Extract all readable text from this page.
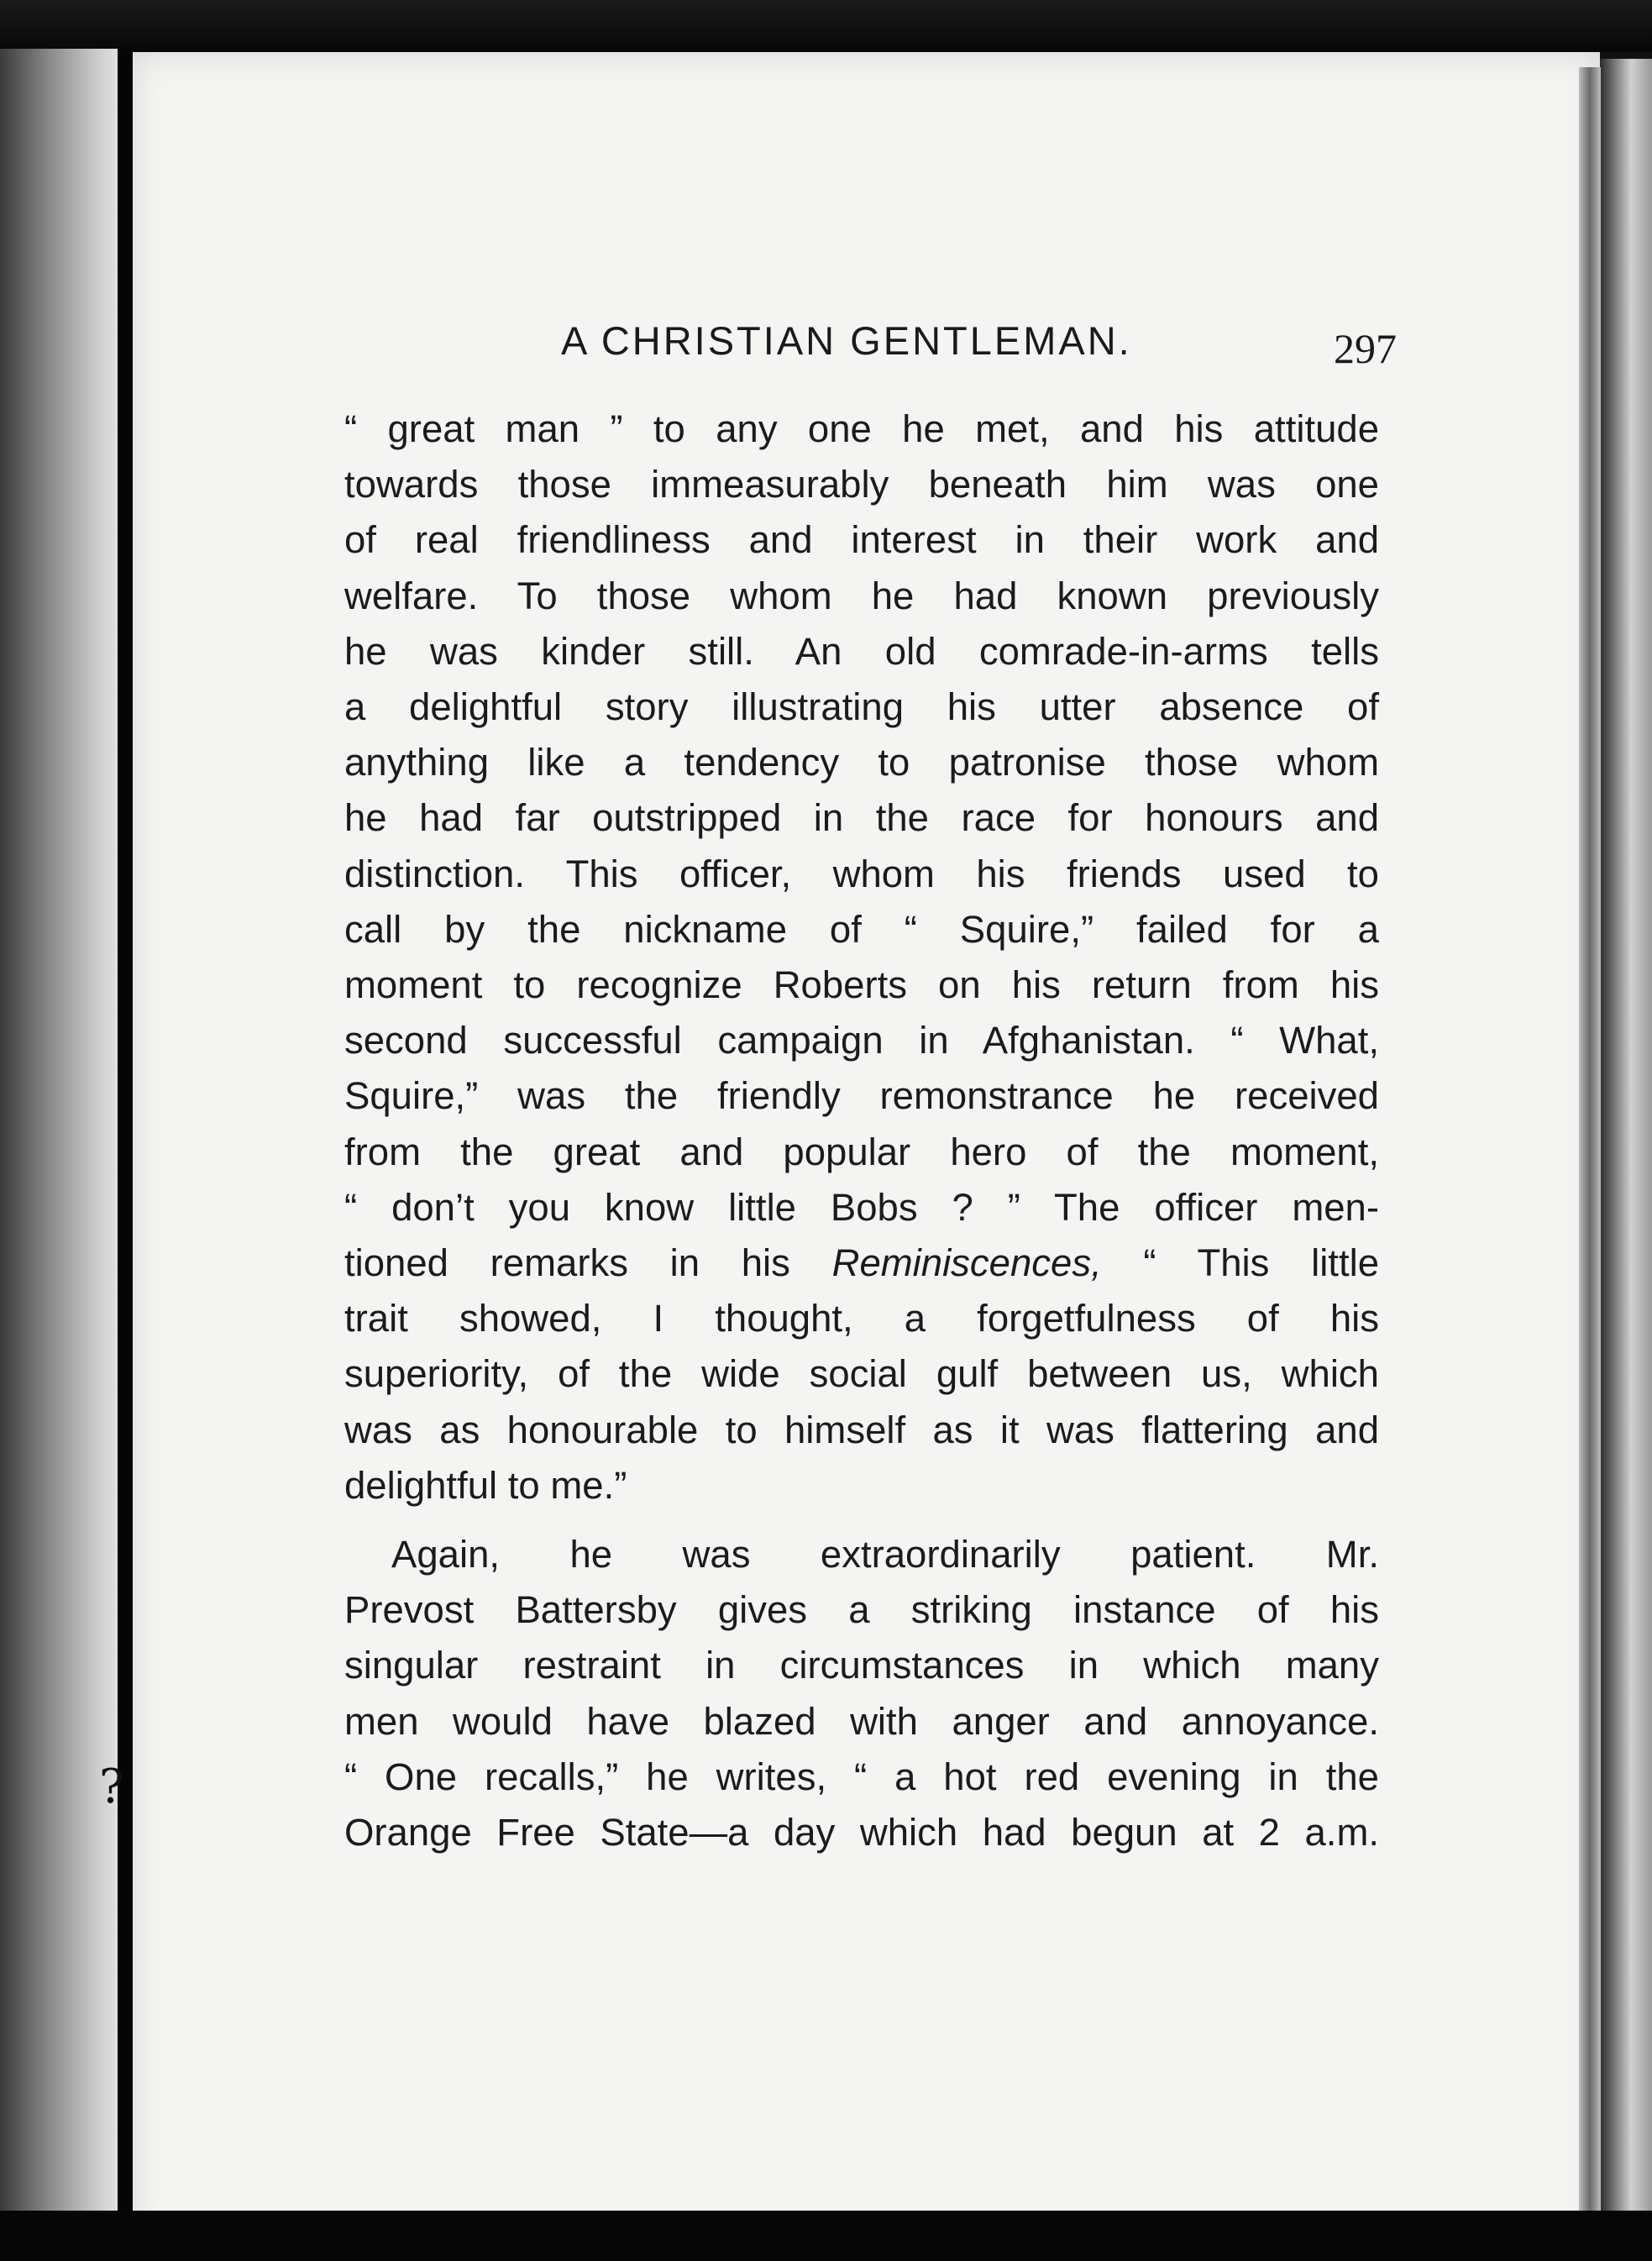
?
A CHRISTIAN GENTLEMAN.	297
“ great man ” to any one he met, and his attitude
towards those immeasurably beneath him was one
of real friendliness and interest in their work and
welfare. To those whom he had known previously
he was kinder still. An old comrade-in-arms tells
a delightful story illustrating his utter absence of
anything like a tendency to patronise those whom
he had far outstripped in the race for honours and
distinction. This officer, whom his friends used to
call by the nickname of “ Squire,” failed for a
moment to recognize Roberts on his return from his
second successful campaign in Afghanistan. “ What,
Squire,” was the friendly remonstrance he received
from the great and popular hero of the moment,
“ don’t you know little Bobs ? ” The officer men-
tioned remarks in his Reminiscences, “ This little
trait showed, I thought, a forgetfulness of his
superiority, of the wide social gulf between us, which
was as honourable to himself as it was flattering and
delightful to me.”
Again, he was extraordinarily patient. Mr.
Prevost Battersby gives a striking instance of his
singular restraint in circumstances in which many
men would have blazed with anger and annoyance.
“ One recalls,” he writes, “ a hot red evening in the
Orange Free State—a day which had begun at 2 a.m.
